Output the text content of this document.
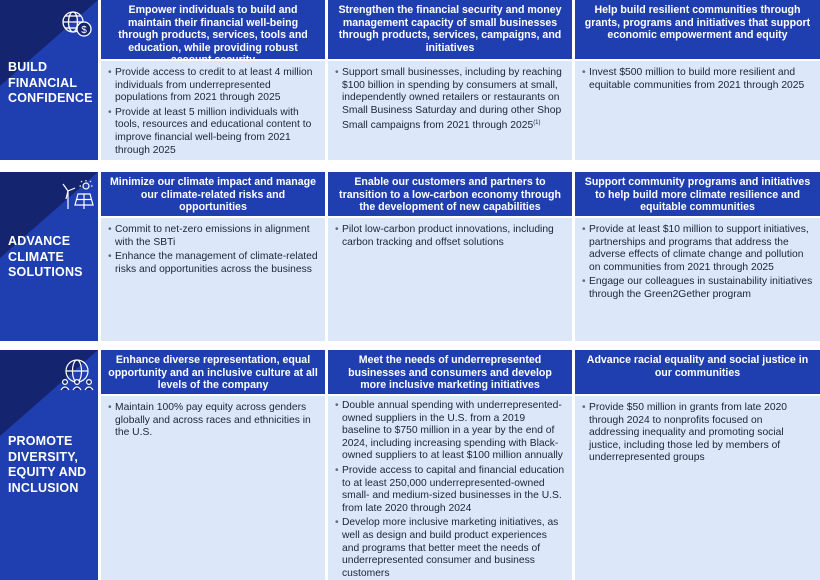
$
BUILD
FINANCIAL
CONFIDENCE
Empower individuals to build and maintain their financial well-being through products, services, tools and education, while providing robust
• Provide access to credit to at least 4 million individuals from underrepresented populations from 2021 through 2025
• Provide at least 5 million individuals with tools, resources and educational content to improve financial well-being from 2021 through 2025
Strengthen the financial security and money management capacity of small businesses through products, services, campaigns, and initiatives
• Support small businesses, including by reaching $100 billion in spending by consumers at small, independently owned retailers or restaurants on Small Business Saturday and during other Shop Small campaigns from 2021 through 2025$^{(1)}$
Help build resilient communities through grants, programs and initiatives that support economic empowerment and equity
• Invest $500 million to build more resilient and equitable communities from 2021 through 2025
ADVANCE
CLIMATE
SOLUTIONS
Minimize our climate impact and manage our climate-related risks and opportunities
• Commit to net-zero emissions in alignment with the SBTi
• Enhance the management of climate-related risks and opportunities across the business
Enable our customers and partners to transition to a low-carbon economy through the development of new capabilities
• Pilot low-carbon product innovations, including carbon tracking and offset solutions
Support community programs and initiatives to help build more climate resilience and equitable communities
• Provide at least $10 million to support initiatives, partnerships and programs that address the adverse effects of climate change and pollution on communities from 2021 through 2025
• Engage our colleagues in sustainability initiatives through the Green2Gether program
PROMOTE
DIVERSITY,
EQUITY AND
INCLUSION
Enhance diverse representation, equal opportunity and an inclusive culture at all levels of the company
• Maintain 100% pay equity across genders globally and across races and ethnicities in the U.S.
Meet the needs of underrepresented businesses and consumers and develop more inclusive marketing initiatives
• Double annual spending with underrepresented-owned suppliers in the U.S. from a 2019 baseline to $750 million in a year by the end of 2024, including increasing spending with Black-owned suppliers to at least $100 million annually
• Provide access to capital and financial education to at least 250,000 underrepresented-owned small- and medium-sized businesses in the U.S. from late 2020 through 2024
• Develop more inclusive marketing initiatives, as well as design and build product experiences and programs that better meet the needs of underrepresented consumer and business customers
Advance racial equality and social justice in our communities
• Provide $50 million in grants from late 2020 through 2024 to nonprofits focused on addressing inequality and promoting social justice, including those led by members of underrepresented groups
